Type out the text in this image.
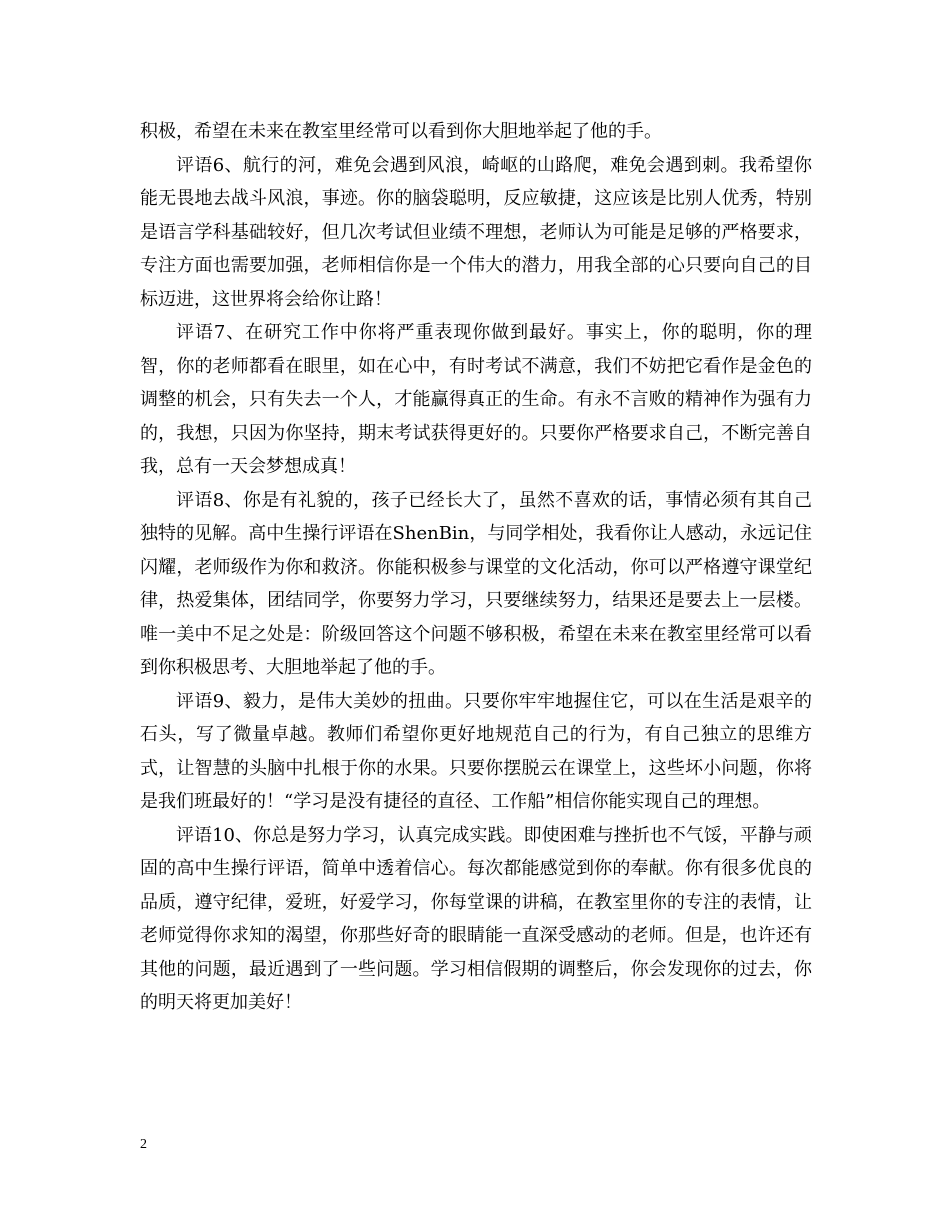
积极，希望在未来在教室里经常可以看到你大胆地举起了他的手。

评语6、航行的河，难免会遇到风浪，崎岖的山路爬，难免会遇到刺。我希望你能无畏地去战斗风浪，事迹。你的脑袋聪明，反应敏捷，这应该是比别人优秀，特别是语言学科基础较好，但几次考试但业绩不理想，老师认为可能是足够的严格要求，专注方面也需要加强，老师相信你是一个伟大的潜力，用我全部的心只要向自己的目标迈进，这世界将会给你让路！

评语7、在研究工作中你将严重表现你做到最好。事实上，你的聪明，你的理智，你的老师都看在眼里，如在心中，有时考试不满意，我们不妨把它看作是金色的调整的机会，只有失去一个人，才能赢得真正的生命。有永不言败的精神作为强有力的，我想，只因为你坚持，期末考试获得更好的。只要你严格要求自己，不断完善自我，总有一天会梦想成真！

评语8、你是有礼貌的，孩子已经长大了，虽然不喜欢的话，事情必须有其自己独特的见解。高中生操行评语在ShenBin，与同学相处，我看你让人感动，永远记住闪耀，老师级作为你和救济。你能积极参与课堂的文化活动，你可以严格遵守课堂纪律，热爱集体，团结同学，你要努力学习，只要继续努力，结果还是要去上一层楼。唯一美中不足之处是：阶级回答这个问题不够积极，希望在未来在教室里经常可以看到你积极思考、大胆地举起了他的手。

评语9、毅力，是伟大美妙的扭曲。只要你牢牢地握住它，可以在生活是艰辛的石头，写了微量卓越。教师们希望你更好地规范自己的行为，有自己独立的思维方式，让智慧的头脑中扎根于你的水果。只要你摆脱云在课堂上，这些坏小问题，你将是我们班最好的！“学习是没有捷径的直径、工作船”相信你能实现自己的理想。

评语10、你总是努力学习，认真完成实践。即使困难与挫折也不气馁，平静与顽固的高中生操行评语，简单中透着信心。每次都能感觉到你的奉献。你有很多优良的品质，遵守纪律，爱班，好爱学习，你每堂课的讲稿，在教室里你的专注的表情，让老师觉得你求知的渴望，你那些好奇的眼睛能一直深受感动的老师。但是，也许还有其他的问题，最近遇到了一些问题。学习相信假期的调整后，你会发现你的过去，你的明天将更加美好！

2
